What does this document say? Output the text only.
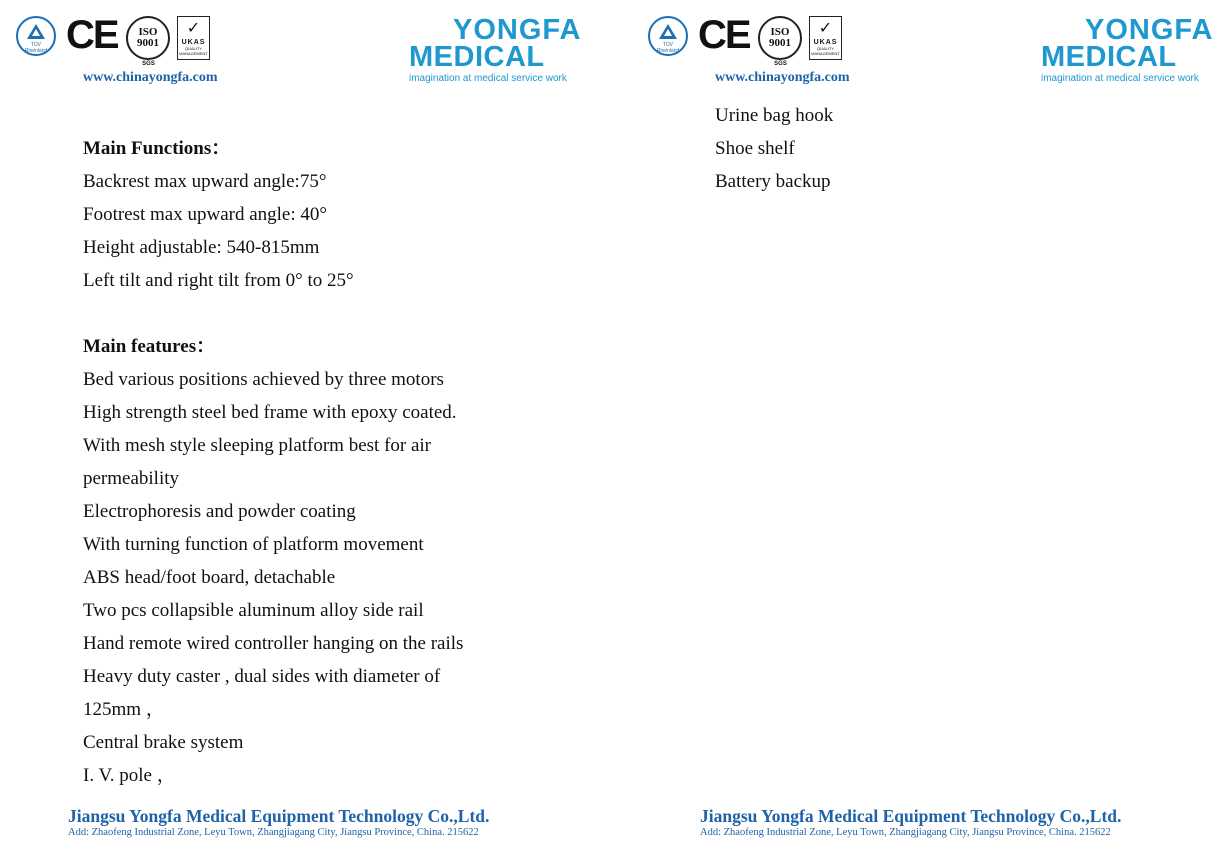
TÜV Rheinland CE	ISO 9001
SGS
✓
UKAS
QUALITY MANAGEMENT
www.chinayongfa.com
YONGFA
MEDICAL
imagination at medical service work
Main Functions：
Backrest max upward angle:75°
Footrest max upward angle: 40°
Height adjustable: 540-815mm
Left tilt and right tilt from 0° to 25°
Main features：
Bed various positions achieved by three motors
High strength steel bed frame with epoxy coated.
With mesh style sleeping platform best for air
permeability
Electrophoresis and powder coating
With turning function of platform movement
ABS head/foot board, detachable
Two pcs collapsible aluminum alloy side rail
Hand remote wired controller hanging on the rails
Heavy duty caster , dual sides with diameter of
125mm ，
Central brake system
I. V. pole ，
Jiangsu Yongfa Medical Equipment Technology Co.,Ltd.
Add: Zhaofeng Industrial Zone, Leyu Town, Zhangjiagang City, Jiangsu Province, China. 215622
TÜV Rheinland CE	ISO 9001
SGS
✓
UKAS
QUALITY MANAGEMENT
www.chinayongfa.com
YONGFA
MEDICAL
imagination at medical service work
Urine bag hook
Shoe shelf
Battery backup
Jiangsu Yongfa Medical Equipment Technology Co.,Ltd.
Add: Zhaofeng Industrial Zone, Leyu Town, Zhangjiagang City, Jiangsu Province, China. 215622
